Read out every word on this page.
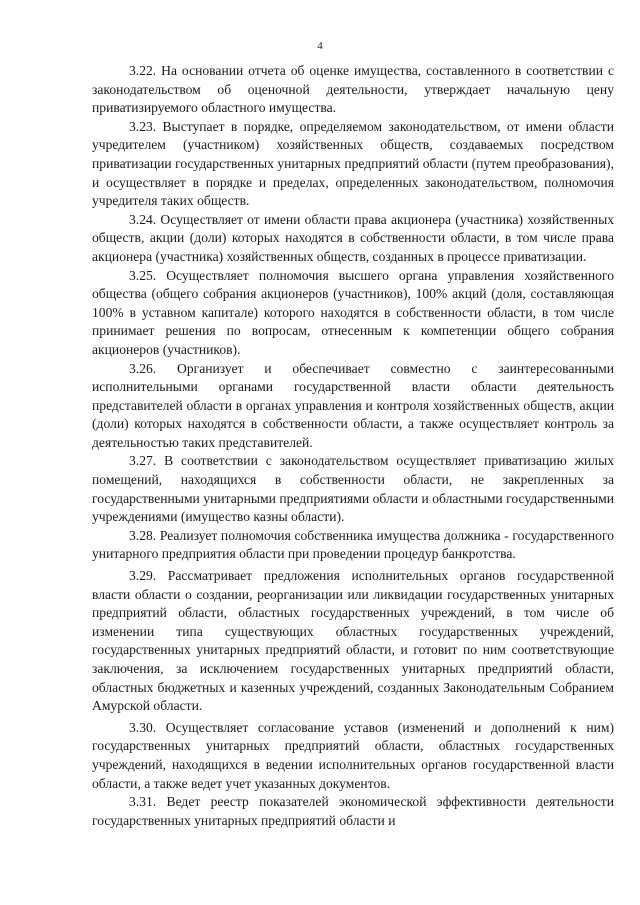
4

3.22. На основании отчета об оценке имущества, составленного в соответствии с законодательством об оценочной деятельности, утверждает начальную цену приватизируемого областного имущества.

3.23. Выступает в порядке, определяемом законодательством, от имени области учредителем (участником) хозяйственных обществ, создаваемых посредством приватизации государственных унитарных предприятий области (путем преобразования), и осуществляет в порядке и пределах, определенных законодательством, полномочия учредителя таких обществ.

3.24. Осуществляет от имени области права акционера (участника) хозяйственных обществ, акции (доли) которых находятся в собственности области, в том числе права акционера (участника) хозяйственных обществ, созданных в процессе приватизации.

3.25. Осуществляет полномочия высшего органа управления хозяйственного общества (общего собрания акционеров (участников), 100% акций (доля, составляющая 100% в уставном капитале) которого находятся в собственности области, в том числе принимает решения по вопросам, отнесенным к компетенции общего собрания акционеров (участников).

3.26. Организует и обеспечивает совместно с заинтересованными исполнительными органами государственной власти области деятельность представителей области в органах управления и контроля хозяйственных обществ, акции (доли) которых находятся в собственности области, а также осуществляет контроль за деятельностью таких представителей.

3.27. В соответствии с законодательством осуществляет приватизацию жилых помещений, находящихся в собственности области, не закрепленных за государственными унитарными предприятиями области и областными государственными учреждениями (имущество казны области).

3.28. Реализует полномочия собственника имущества должника - государственного унитарного предприятия области при проведении процедур банкротства.

3.29. Рассматривает предложения исполнительных органов государственной власти области о создании, реорганизации или ликвидации государственных унитарных предприятий области, областных государственных учреждений, в том числе об изменении типа существующих областных государственных учреждений, государственных унитарных предприятий области, и готовит по ним соответствующие заключения, за исключением государственных унитарных предприятий области, областных бюджетных и казенных учреждений, созданных Законодательным Собранием Амурской области.

3.30. Осуществляет согласование уставов (изменений и дополнений к ним) государственных унитарных предприятий области, областных государственных учреждений, находящихся в ведении исполнительных органов государственной власти области, а также ведет учет указанных документов.

3.31. Ведет реестр показателей экономической эффективности деятельности государственных унитарных предприятий области и
